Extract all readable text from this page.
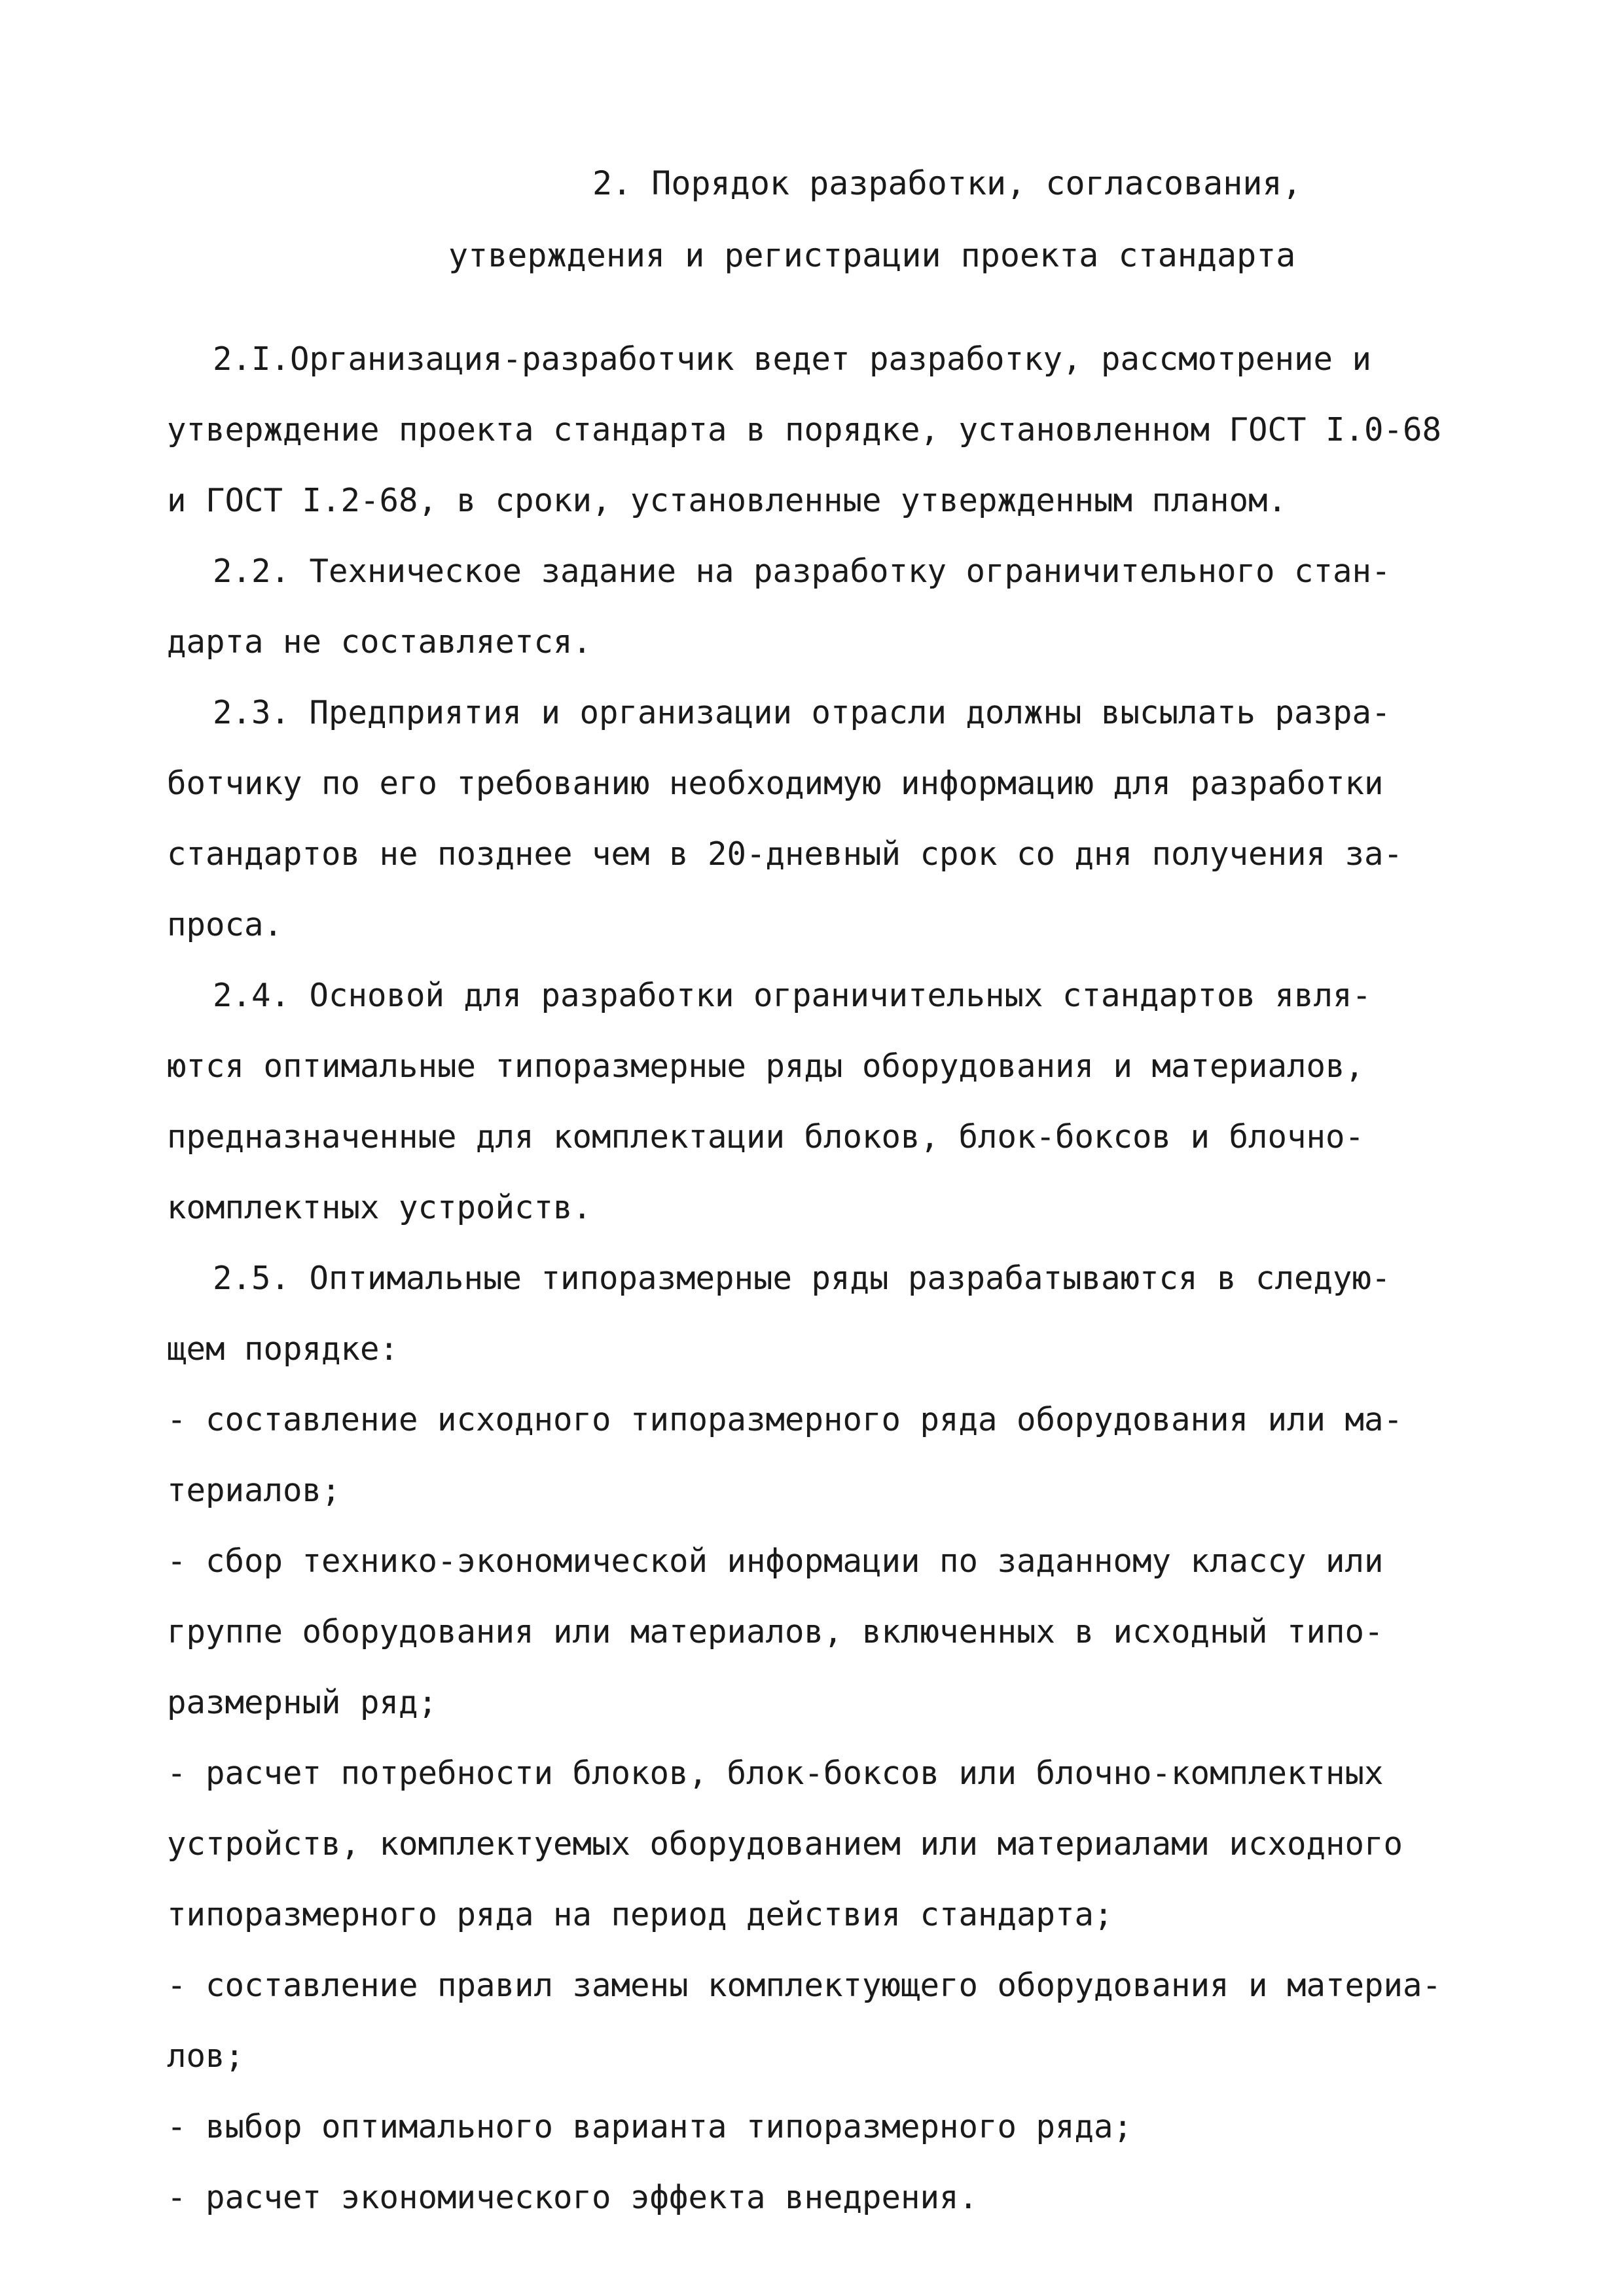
2. Порядок разработки, согласования,
утверждения и регистрации проекта стандарта
2.I.Организация-разработчик ведет разработку, рассмотрение и
утверждение проекта стандарта в порядке, установленном ГОСТ I.0-68
и ГОСТ I.2-68, в сроки, установленные утвержденным планом.
2.2. Техническое задание на разработку ограничительного стан-
дарта не составляется.
2.3. Предприятия и организации отрасли должны высылать разра-
ботчику по его требованию необходимую информацию для разработки
стандартов не позднее чем в 20-дневный срок со дня получения за-
проса.
2.4. Основой для разработки ограничительных стандартов явля-
ются оптимальные типоразмерные ряды оборудования и материалов,
предназначенные для комплектации блоков, блок-боксов и блочно-
комплектных устройств.
2.5. Оптимальные типоразмерные ряды разрабатываются в следую-
щем порядке:
- составление исходного типоразмерного ряда оборудования или ма-
териалов;
- сбор технико-экономической информации по заданному классу или
группе оборудования или материалов, включенных в исходный типо-
размерный ряд;
- расчет потребности блоков, блок-боксов или блочно-комплектных
устройств, комплектуемых оборудованием или материалами исходного
типоразмерного ряда на период действия стандарта;
- составление правил замены комплектующего оборудования и материа-
лов;
- выбор оптимального варианта типоразмерного ряда;
- расчет экономического эффекта внедрения.
